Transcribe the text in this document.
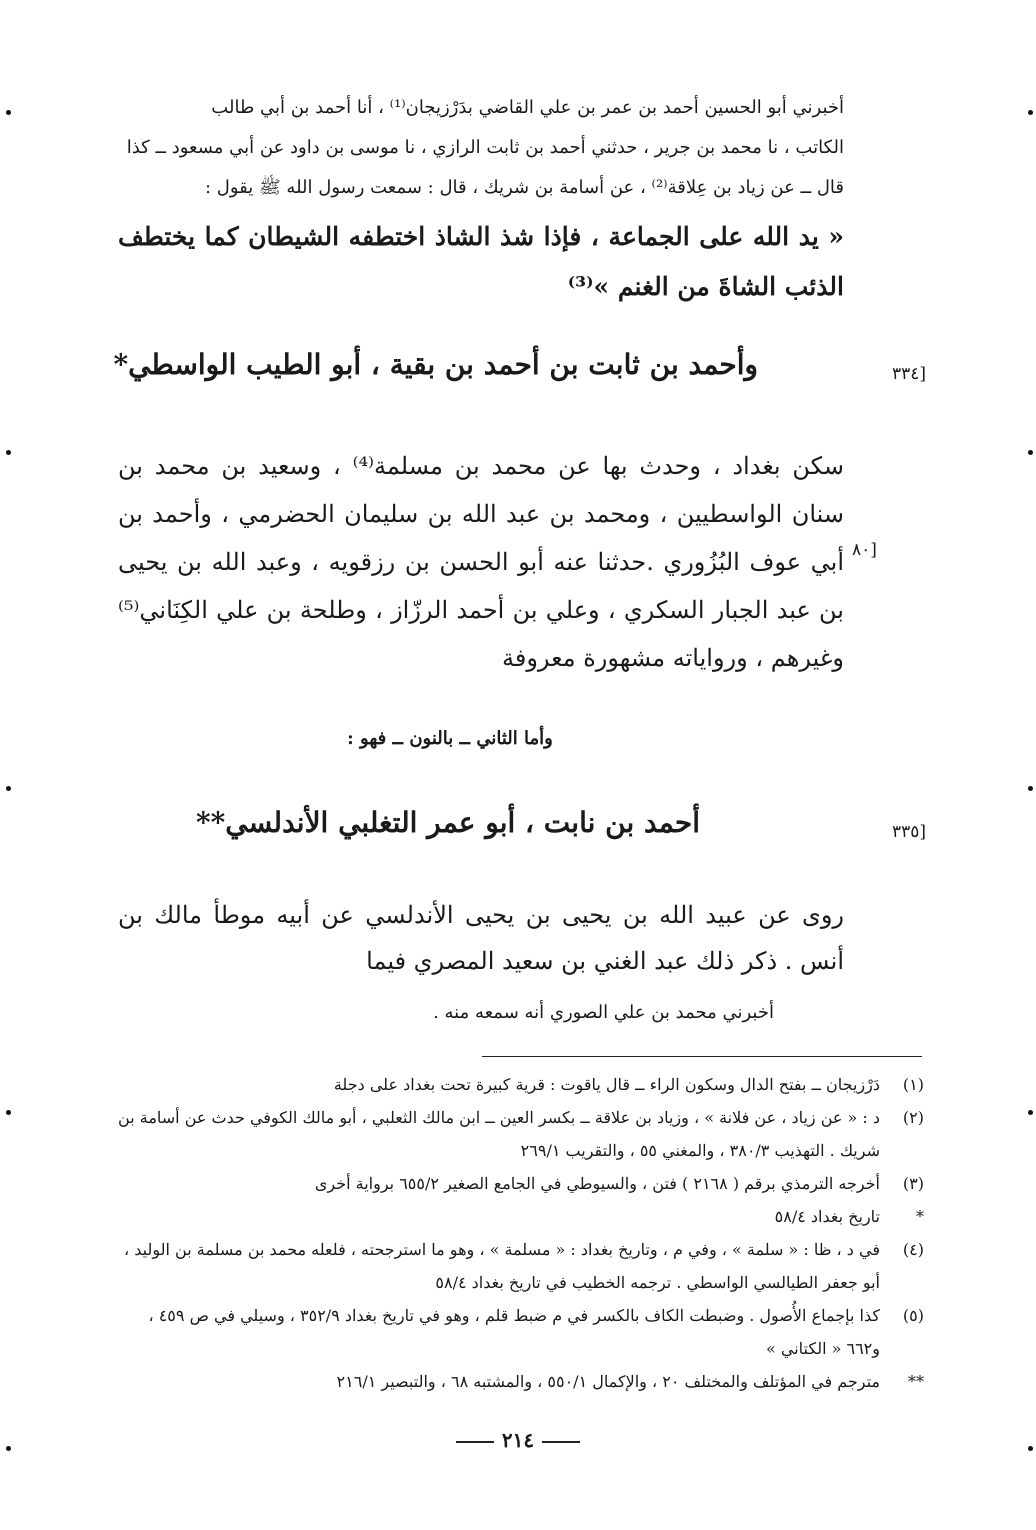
أخبرني أبو الحسين أحمد بن عمر بن علي القاضي بدَرْزيجان⁽¹⁾ ، أنا أحمد بن أبي طالب

الكاتب ، نا محمد بن جرير ، حدثني أحمد بن ثابت الرازي ، نا موسى بن داود عن أبي مسعود ــ كذا

قال ــ عن زياد بن عِلاقة⁽²⁾ ، عن أسامة بن شريك ، قال : سمعت رسول الله ﷺ يقول :

« يد الله على الجماعة ، فإذا شذ الشاذ اختطفه الشيطان كما يختطف الذئب الشاةَ من الغنم »⁽³⁾
[٣٣٤
وأحمد بن ثابت بن أحمد بن بقية ، أبو الطيب الواسطي*
سكن بغداد ، وحدث بها عن محمد بن مسلمة⁽⁴⁾ ، وسعيد بن محمد بن سنان الواسطيين ، ومحمد بن عبد الله بن سليمان الحضرمي ، وأحمد بن أبي عوف البُزُوري .حدثنا عنه أبو الحسن بن رزقويه ، وعبد الله بن يحيى بن عبد الجبار السكري ، وعلي بن أحمد الرزّاز ، وطلحة بن علي الكِنَاني⁽⁵⁾ وغيرهم ، ورواياته مشهورة معروفة
[٨٠
وأما الثاني ــ بالنون ــ فهو :
[٣٣٥
أحمد بن نابت ، أبو عمر التغلبي الأندلسي**
روى عن عبيد الله بن يحيى بن يحيى الأندلسي عن أبيه موطأ مالك بن أنس . ذكر ذلك عبد الغني بن سعيد المصري فيما
أخبرني محمد بن علي الصوري أنه سمعه منه .
(١)
دَرْزيجان ــ بفتح الدال وسكون الراء ــ قال ياقوت : قرية كبيرة تحت بغداد على دجلة
(٢)
د : « عن زياد ، عن فلانة » ، وزياد بن علاقة ــ بكسر العين ــ ابن مالك الثعلبي ، أبو مالك الكوفي حدث عن أسامة بن شريك . التهذيب ٣٨٠/٣ ، والمغني ٥٥ ، والتقريب ٢٦٩/١
(٣)
أخرجه الترمذي برقم ( ٢١٦٨ ) فتن ، والسيوطي في الجامع الصغير ٦٥٥/٢ برواية أخرى
*
تاريخ بغداد ٥٨/٤
(٤)
في د ، ظا : « سلمة » ، وفي م ، وتاريخ بغداد : « مسلمة » ، وهو ما استرجحته ، فلعله محمد بن مسلمة بن الوليد ، أبو جعفر الطيالسي الواسطي . ترجمه الخطيب في تاريخ بغداد ٥٨/٤
(٥)
كذا بإجماع الأُصول . وضبطت الكاف بالكسر في م ضبط قلم ، وهو في تاريخ بغداد ٣٥٢/٩ ، وسيلي في ص ٤٥٩ ، و٦٦٢ « الكتاني »
**
مترجم في المؤتلف والمختلف ٢٠ ، والإكمال ٥٥٠/١ ، والمشتبه ٦٨ ، والتبصير ٢١٦/١
٢١٤
